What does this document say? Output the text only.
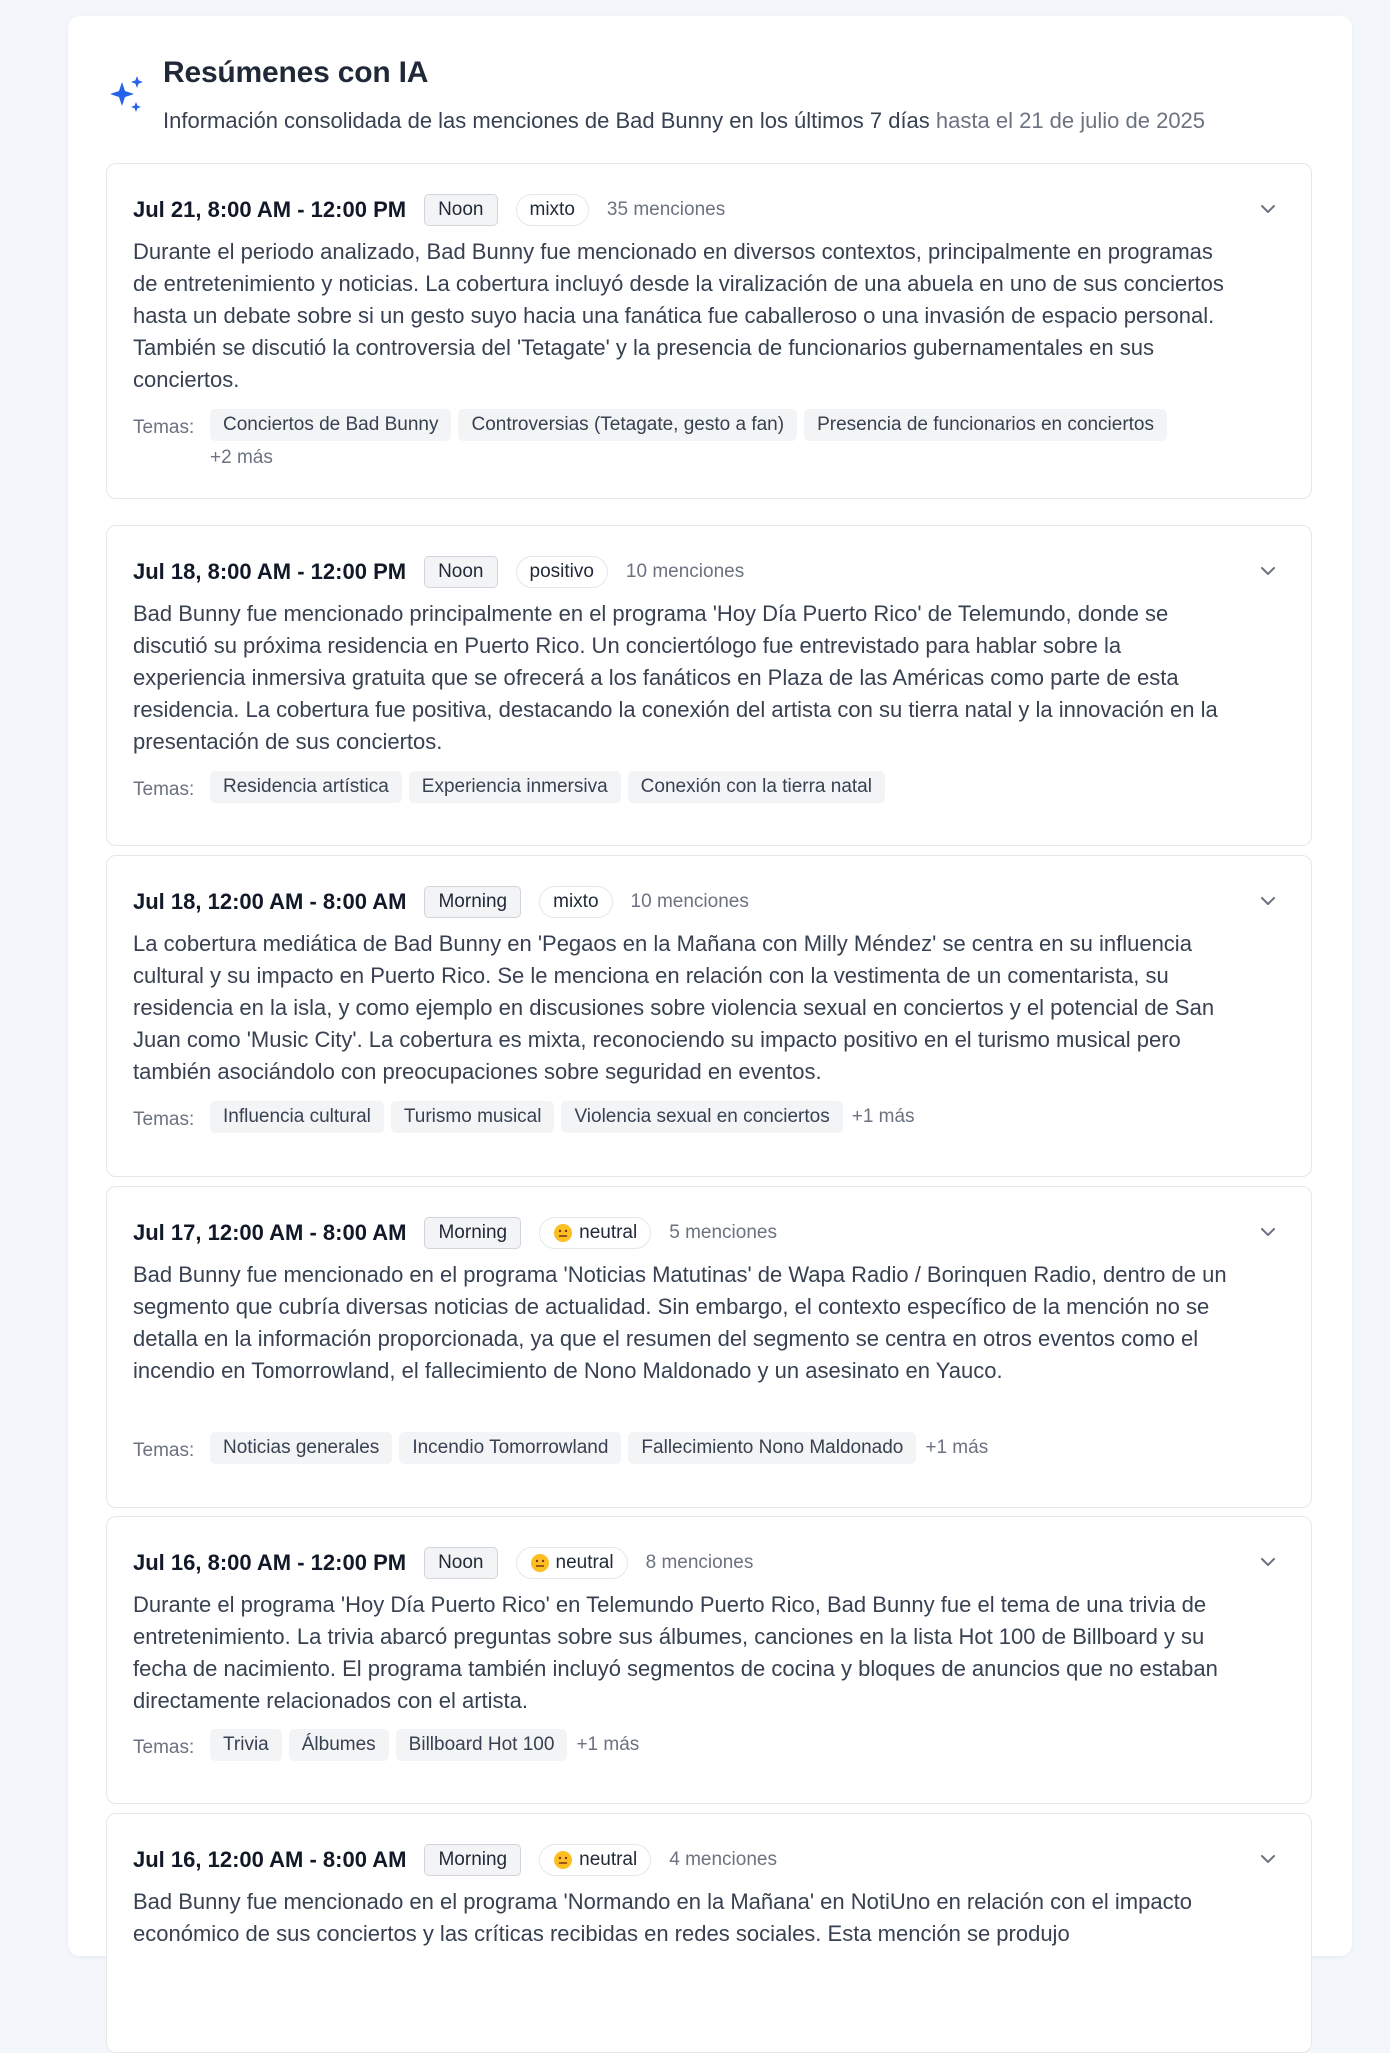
Resúmenes con IA
Información consolidada de las menciones de Bad Bunny en los últimos 7 días hasta el 21 de julio de 2025
Jul 21, 8:00 AM - 12:00 PM	Noon	mixto 35 menciones

Durante el periodo analizado, Bad Bunny fue mencionado en diversos contextos, principalmente en programas de entretenimiento y noticias. La cobertura incluyó desde la viralización de una abuela en uno de sus conciertos hasta un debate sobre si un gesto suyo hacia una fanática fue caballeroso o una invasión de espacio personal. También se discutió la controversia del 'Tetagate' y la presencia de funcionarios gubernamentales en sus conciertos.

Temas:	Conciertos de Bad Bunny	Controversias (Tetagate, gesto a fan)	Presencia de funcionarios en conciertos
+2 más
Jul 18, 8:00 AM - 12:00 PM	Noon	positivo 10 menciones

Bad Bunny fue mencionado principalmente en el programa 'Hoy Día Puerto Rico' de Telemundo, donde se discutió su próxima residencia en Puerto Rico. Un conciertólogo fue entrevistado para hablar sobre la experiencia inmersiva gratuita que se ofrecerá a los fanáticos en Plaza de las Américas como parte de esta residencia. La cobertura fue positiva, destacando la conexión del artista con su tierra natal y la innovación en la presentación de sus conciertos.

Temas:	Residencia artística	Experiencia inmersiva	Conexión con la tierra natal
Jul 18, 12:00 AM - 8:00 AM	Morning	mixto 10 menciones

La cobertura mediática de Bad Bunny en 'Pegaos en la Mañana con Milly Méndez' se centra en su influencia cultural y su impacto en Puerto Rico. Se le menciona en relación con la vestimenta de un comentarista, su residencia en la isla, y como ejemplo en discusiones sobre violencia sexual en conciertos y el potencial de San Juan como 'Music City'. La cobertura es mixta, reconociendo su impacto positivo en el turismo musical pero también asociándolo con preocupaciones sobre seguridad en eventos.

Temas:	Influencia cultural	Turismo musical	Violencia sexual en conciertos	+1 más
Jul 17, 12:00 AM - 8:00 AM	Morning	neutral 5 menciones

Bad Bunny fue mencionado en el programa 'Noticias Matutinas' de Wapa Radio / Borinquen Radio, dentro de un segmento que cubría diversas noticias de actualidad. Sin embargo, el contexto específico de la mención no se detalla en la información proporcionada, ya que el resumen del segmento se centra en otros eventos como el incendio en Tomorrowland, el fallecimiento de Nono Maldonado y un asesinato en Yauco.

Temas:	Noticias generales	Incendio Tomorrowland	Fallecimiento Nono Maldonado	+1 más
Jul 16, 8:00 AM - 12:00 PM	Noon	neutral 8 menciones

Durante el programa 'Hoy Día Puerto Rico' en Telemundo Puerto Rico, Bad Bunny fue el tema de una trivia de entretenimiento. La trivia abarcó preguntas sobre sus álbumes, canciones en la lista Hot 100 de Billboard y su fecha de nacimiento. El programa también incluyó segmentos de cocina y bloques de anuncios que no estaban directamente relacionados con el artista.

Temas:	Trivia	Álbumes	Billboard Hot 100	+1 más
Jul 16, 12:00 AM - 8:00 AM	Morning	neutral 4 menciones

Bad Bunny fue mencionado en el programa 'Normando en la Mañana' en NotiUno en relación con el impacto económico de sus conciertos y las críticas recibidas en redes sociales. Esta mención se produjo
